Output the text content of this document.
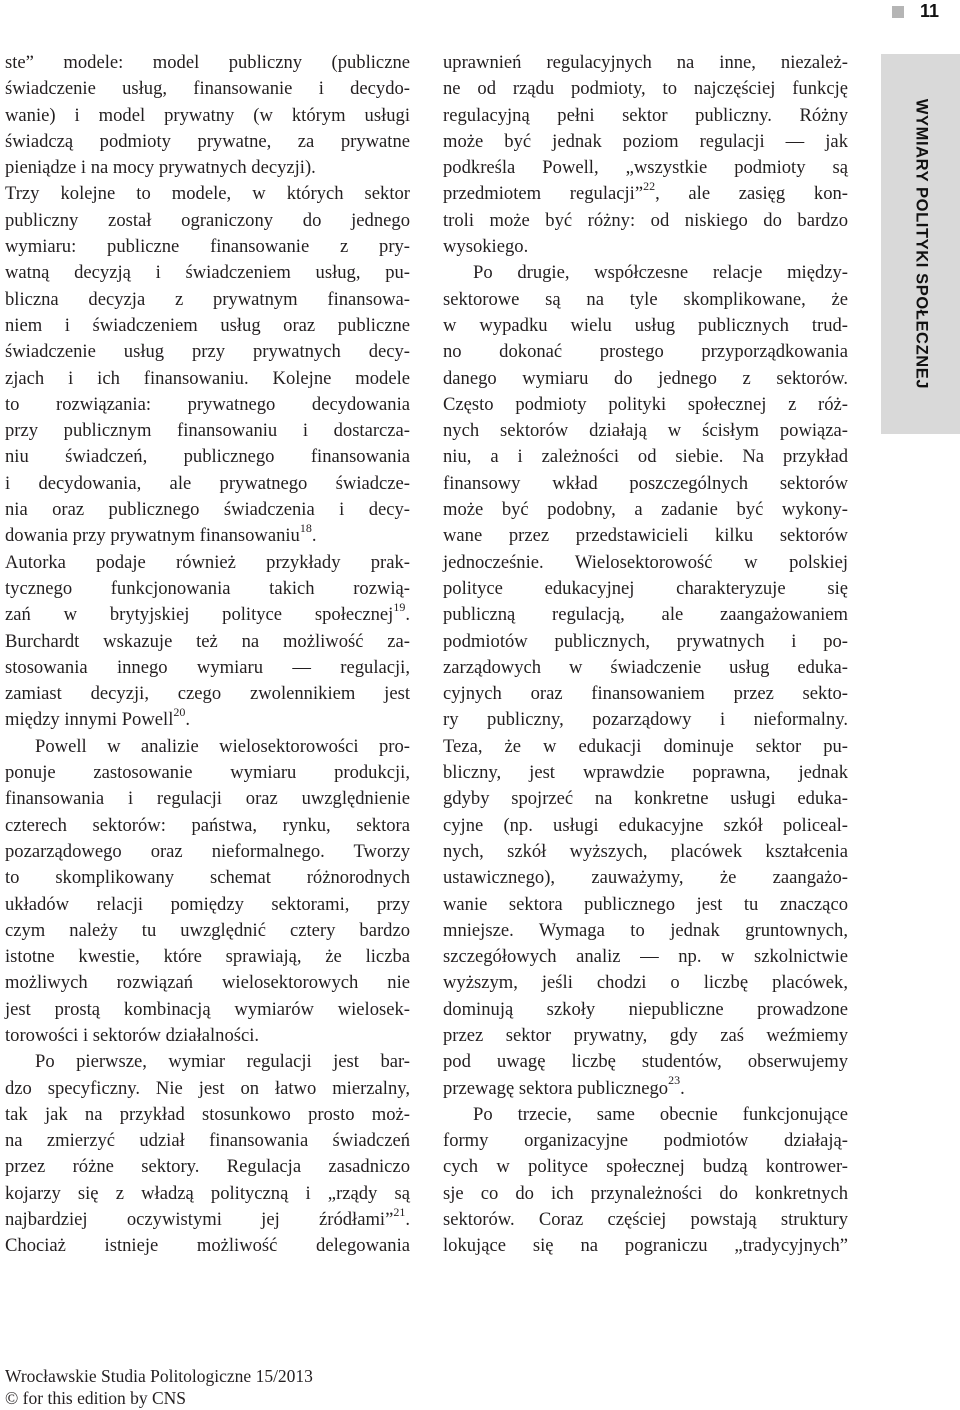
11
ste” modele: model publiczny (publiczne
świadczenie usług, finansowanie i decydo-
wanie) i model prywatny (w którym usługi
świadczą podmioty prywatne, za prywatne
pieniądze i na mocy prywatnych decyzji).
Trzy kolejne to modele, w których sektor
publiczny został ograniczony do jednego
wymiaru: publiczne finansowanie z pry-
watną decyzją i świadczeniem usług, pu-
bliczna decyzja z prywatnym finansowa-
niem i świadczeniem usług oraz publiczne
świadczenie usług przy prywatnych decy-
zjach i ich finansowaniu. Kolejne modele
to rozwiązania: prywatnego decydowania
przy publicznym finansowaniu i dostarcza-
niu świadczeń, publicznego finansowania
i decydowania, ale prywatnego świadcze-
nia oraz publicznego świadczenia i decy-
dowania przy prywatnym finansowaniu$^{18}$.
Autorka podaje również przykłady prak-
tycznego funkcjonowania takich rozwią-
zań w brytyjskiej polityce społecznej$^{19}$.
Burchardt wskazuje też na możliwość za-
stosowania innego wymiaru — regulacji,
zamiast decyzji, czego zwolennikiem jest
między innymi Powell$^{20}$.
Powell w analizie wielosektorowości pro-
ponuje zastosowanie wymiaru produkcji,
finansowania i regulacji oraz uwzględnienie
czterech sektorów: państwa, rynku, sektora
pozarządowego oraz nieformalnego. Tworzy
to skomplikowany schemat różnorodnych
układów relacji pomiędzy sektorami, przy
czym należy tu uwzględnić cztery bardzo
istotne kwestie, które sprawiają, że liczba
możliwych rozwiązań wielosektorowych nie
jest prostą kombinacją wymiarów wielosek-
torowości i sektorów działalności.
Po pierwsze, wymiar regulacji jest bar-
dzo specyficzny. Nie jest on łatwo mierzalny,
tak jak na przykład stosunkowo prosto moż-
na zmierzyć udział finansowania świadczeń
przez różne sektory. Regulacja zasadniczo
kojarzy się z władzą polityczną i „rządy są
najbardziej oczywistymi jej źródłami”$^{21}$.
Chociaż istnieje możliwość delegowania
uprawnień regulacyjnych na inne, niezależ-
ne od rządu podmioty, to najczęściej funkcję
regulacyjną pełni sektor publiczny. Różny
może być jednak poziom regulacji — jak
podkreśla Powell, „wszystkie podmioty są
przedmiotem regulacji”$^{22}$, ale zasięg kon-
troli może być różny: od niskiego do bardzo
wysokiego.
Po drugie, współczesne relacje między-
sektorowe są na tyle skomplikowane, że
w wypadku wielu usług publicznych trud-
no dokonać prostego przyporządkowania
danego wymiaru do jednego z sektorów.
Często podmioty polityki społecznej z róż-
nych sektorów działają w ścisłym powiąza-
niu, a i zależności od siebie. Na przykład
finansowy wkład poszczególnych sektorów
może być podobny, a zadanie być wykony-
wane przez przedstawicieli kilku sektorów
jednocześnie. Wielosektorowość w polskiej
polityce edukacyjnej charakteryzuje się
publiczną regulacją, ale zaangażowaniem
podmiotów publicznych, prywatnych i po-
zarządowych w świadczenie usług eduka-
cyjnych oraz finansowaniem przez sekto-
ry publiczny, pozarządowy i nieformalny.
Teza, że w edukacji dominuje sektor pu-
bliczny, jest wprawdzie poprawna, jednak
gdyby spojrzeć na konkretne usługi eduka-
cyjne (np. usługi edukacyjne szkół policeal-
nych, szkół wyższych, placówek kształcenia
ustawicznego), zauważymy, że zaangażo-
wanie sektora publicznego jest tu znacząco
mniejsze. Wymaga to jednak gruntownych,
szczegółowych analiz — np. w szkolnictwie
wyższym, jeśli chodzi o liczbę placówek,
dominują szkoły niepubliczne prowadzone
przez sektor prywatny, gdy zaś weźmiemy
pod uwagę liczbę studentów, obserwujemy
przewagę sektora publicznego$^{23}$.
Po trzecie, same obecnie funkcjonujące
formy organizacyjne podmiotów działają-
cych w polityce społecznej budzą kontrower-
sje co do ich przynależności do konkretnych
sektorów. Coraz częściej powstają struktury
lokujące się na pograniczu „tradycyjnych”
WYMIARY POLITYKI SPOŁECZNEJ
Wrocławskie Studia Politologiczne 15/2013
© for this edition by CNS
